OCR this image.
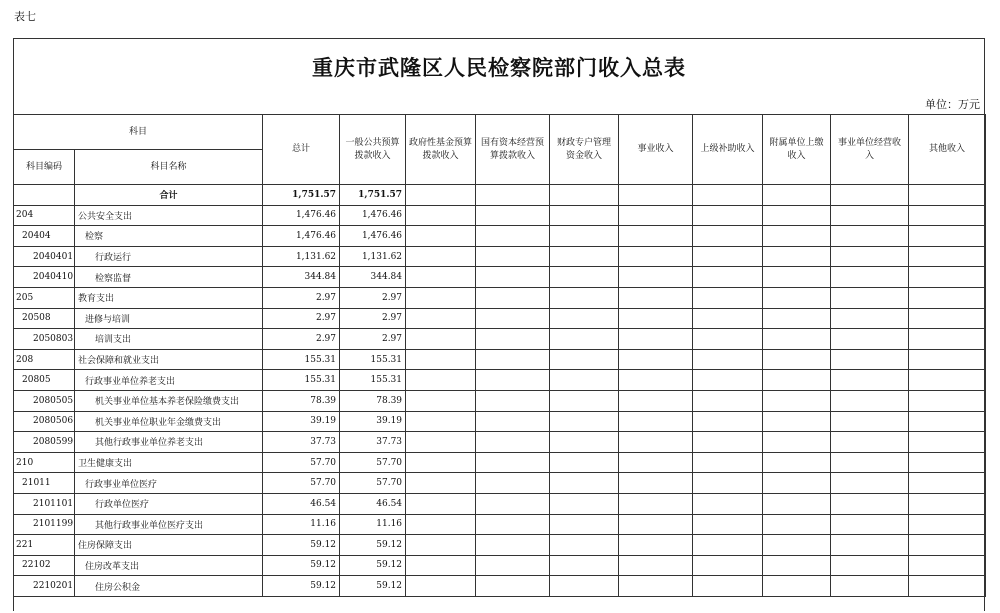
表七
重庆市武隆区人民检察院部门收入总表
单位：万元
科目		总计	一般公共预算拨款收入	政府性基金预算拨款收入	国有资本经营预算拨款收入	财政专户管理资金收入	事业收入	上级补助收入	附属单位上缴收入	事业单位经营收入	其他收入
科目编码	科目名称										
	合计	1,751.57	1,751.57								
204	公共安全支出	1,476.46	1,476.46								
20404	检察	1,476.46	1,476.46								
2040401	行政运行	1,131.62	1,131.62								
2040410	检察监督	344.84	344.84								
205	教育支出	2.97	2.97								
20508	进修与培训	2.97	2.97								
2050803	培训支出	2.97	2.97								
208	社会保障和就业支出	155.31	155.31								
20805	行政事业单位养老支出	155.31	155.31								
2080505	机关事业单位基本养老保险缴费支出	78.39	78.39								
2080506	机关事业单位职业年金缴费支出	39.19	39.19								
2080599	其他行政事业单位养老支出	37.73	37.73								
210	卫生健康支出	57.70	57.70								
21011	行政事业单位医疗	57.70	57.70								
2101101	行政单位医疗	46.54	46.54								
2101199	其他行政事业单位医疗支出	11.16	11.16								
221	住房保障支出	59.12	59.12								
22102	住房改革支出	59.12	59.12								
2210201	住房公积金	59.12	59.12								
